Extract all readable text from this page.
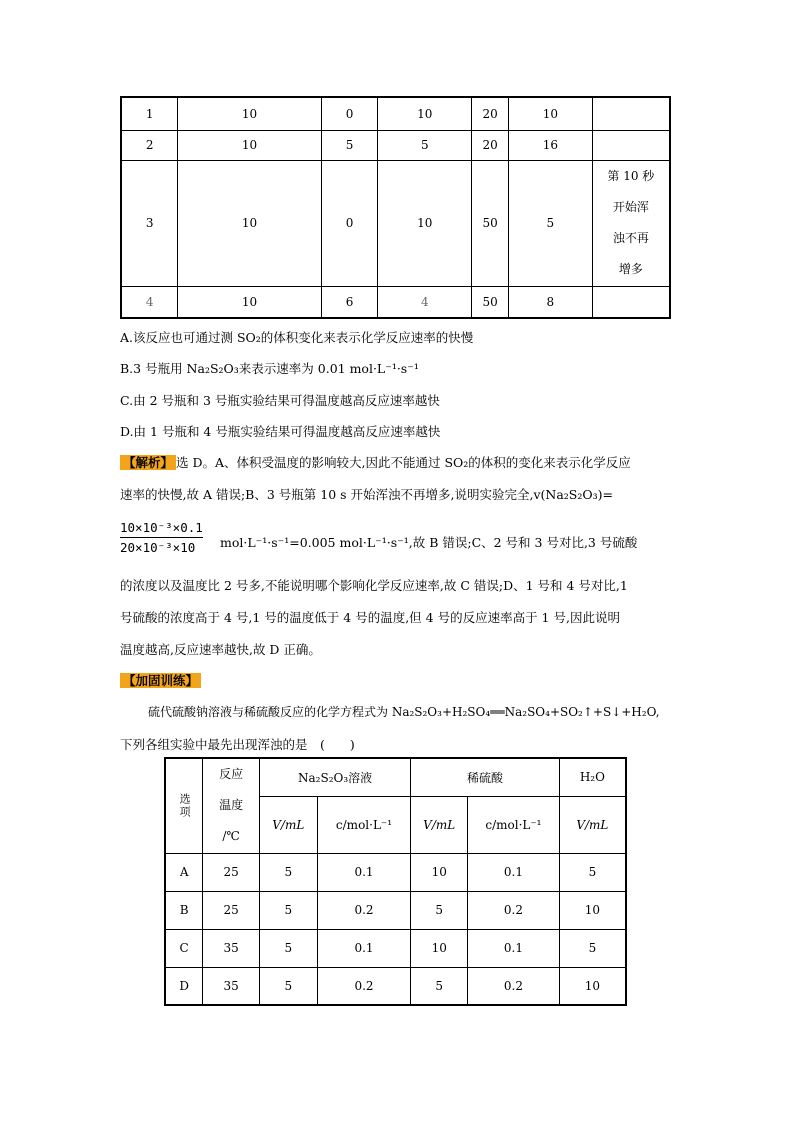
1	10	0	10	20	10	
2	10	5	5	20	16	
3	10	0	10	50	5	第 10 秒
开始浑
浊不再
增多

4	10	6	4	50	8	
A.该反应也可通过测 SO₂的体积变化来表示化学反应速率的快慢
B.3 号瓶用 Na₂S₂O₃来表示速率为 0.01 mol·L⁻¹·s⁻¹
C.由 2 号瓶和 3 号瓶实验结果可得温度越高反应速率越快
D.由 1 号瓶和 4 号瓶实验结果可得温度越高反应速率越快
【解析】 选 D。A、体积受温度的影响较大,因此不能通过 SO₂的体积的变化来表示化学反应
速率的快慢,故 A 错误;B、3 号瓶第 10 s 开始浑浊不再增多,说明实验完全,v(Na₂S₂O₃)=
$\frac{\text{10×10⁻³×0.1}}{\text{20×10⁻³×10}} mol\cdot L^{-1}\cdot s^{-1}=0.005$ mol·L⁻¹·s⁻¹,故 B 错误;C、2 号和 3 号对比,3 号硫酸
的浓度以及温度比 2 号多,不能说明哪个影响化学反应速率,故 C 错误;D、1 号和 4 号对比,1
号硫酸的浓度高于 4 号,1 号的温度低于 4 号的温度,但 4 号的反应速率高于 1 号,因此说明
温度越高,反应速率越快,故 D 正确。
【加固训练】
硫代硫酸钠溶液与稀硫酸反应的化学方程式为 Na₂S₂O₃+H₂SO₄══Na₂SO₄+SO₂↑+S↓+H₂O,
下列各组实验中最先出现浑浊的是　(　　)
选项	反应
温度
/℃	Na₂S₂O₃溶液		稀硫酸		H₂O
		V/mL	c/mol·L⁻¹	V/mL	c/mol·L⁻¹	V/mL
A	25	5	0.1	10	0.1	5
B	25	5	0.2	5	0.2	10
C	35	5	0.1	10	0.1	5
D	35	5	0.2	5	0.2	10
